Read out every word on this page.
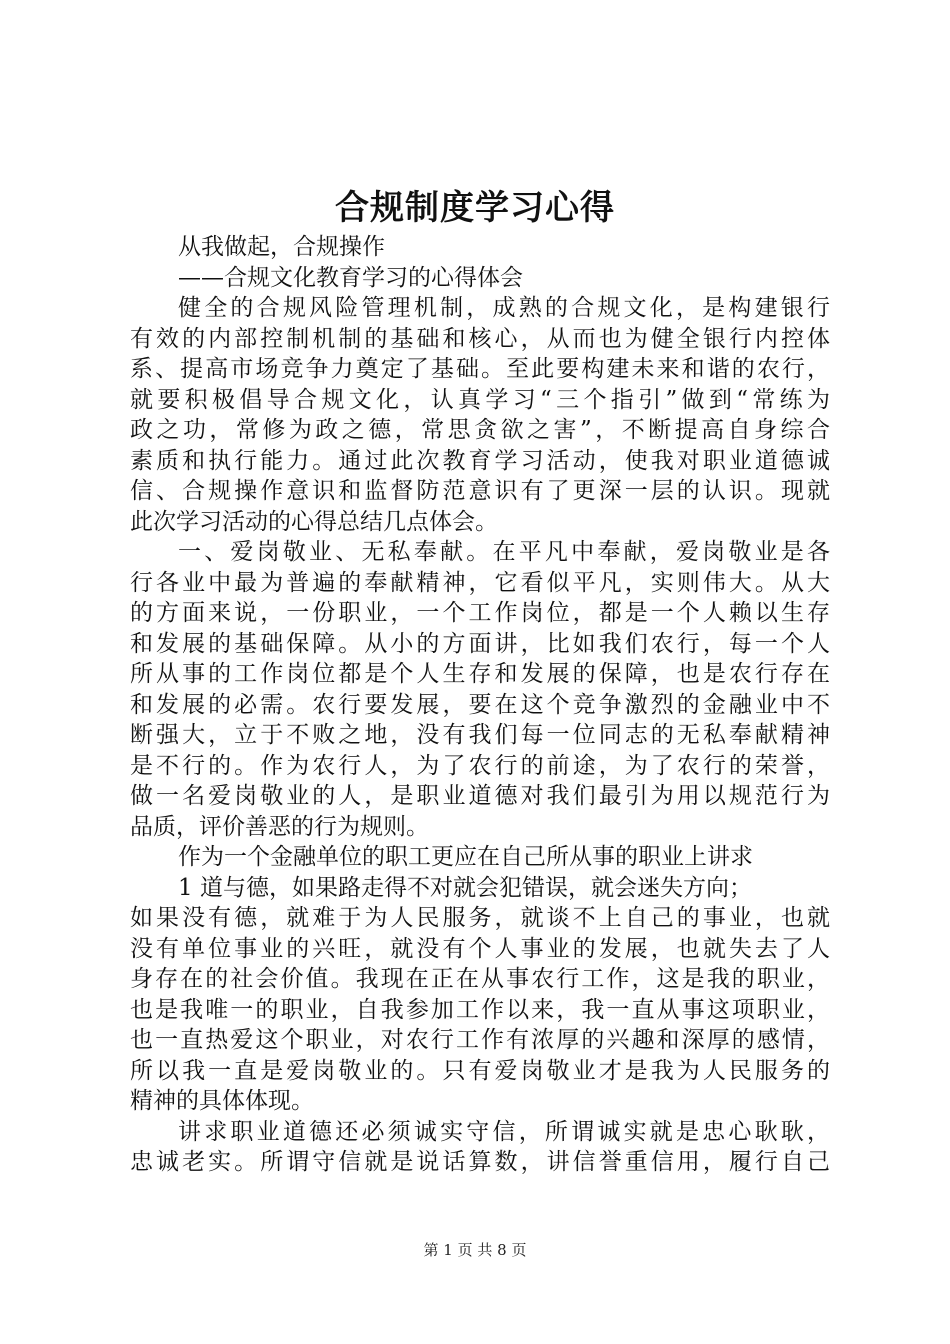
合规制度学习心得
从我做起，合规操作
——合规文化教育学习的心得体会
健全的合规风险管理机制，成熟的合规文化，是构建银行
有效的内部控制机制的基础和核心，从而也为健全银行内控体
系、提高市场竞争力奠定了基础。至此要构建未来和谐的农行，
就要积极倡导合规文化，认真学习“三个指引”做到“常练为
政之功，常修为政之德，常思贪欲之害”，不断提高自身综合
素质和执行能力。通过此次教育学习活动，使我对职业道德诚
信、合规操作意识和监督防范意识有了更深一层的认识。现就
此次学习活动的心得总结几点体会。
一、爱岗敬业、无私奉献。在平凡中奉献，爱岗敬业是各
行各业中最为普遍的奉献精神，它看似平凡，实则伟大。从大
的方面来说，一份职业，一个工作岗位，都是一个人赖以生存
和发展的基础保障。从小的方面讲，比如我们农行，每一个人
所从事的工作岗位都是个人生存和发展的保障，也是农行存在
和发展的必需。农行要发展，要在这个竞争激烈的金融业中不
断强大，立于不败之地，没有我们每一位同志的无私奉献精神
是不行的。作为农行人，为了农行的前途，为了农行的荣誉，
做一名爱岗敬业的人，是职业道德对我们最引为用以规范行为
品质，评价善恶的行为规则。
作为一个金融单位的职工更应在自己所从事的职业上讲求
1 道与德，如果路走得不对就会犯错误，就会迷失方向；
如果没有德，就难于为人民服务，就谈不上自己的事业，也就
没有单位事业的兴旺，就没有个人事业的发展，也就失去了人
身存在的社会价值。我现在正在从事农行工作，这是我的职业，
也是我唯一的职业，自我参加工作以来，我一直从事这项职业，
也一直热爱这个职业，对农行工作有浓厚的兴趣和深厚的感情，
所以我一直是爱岗敬业的。只有爱岗敬业才是我为人民服务的
精神的具体体现。
讲求职业道德还必须诚实守信，所谓诚实就是忠心耿耿，
忠诚老实。所谓守信就是说话算数，讲信誉重信用，履行自己
第 1 页 共 8 页
